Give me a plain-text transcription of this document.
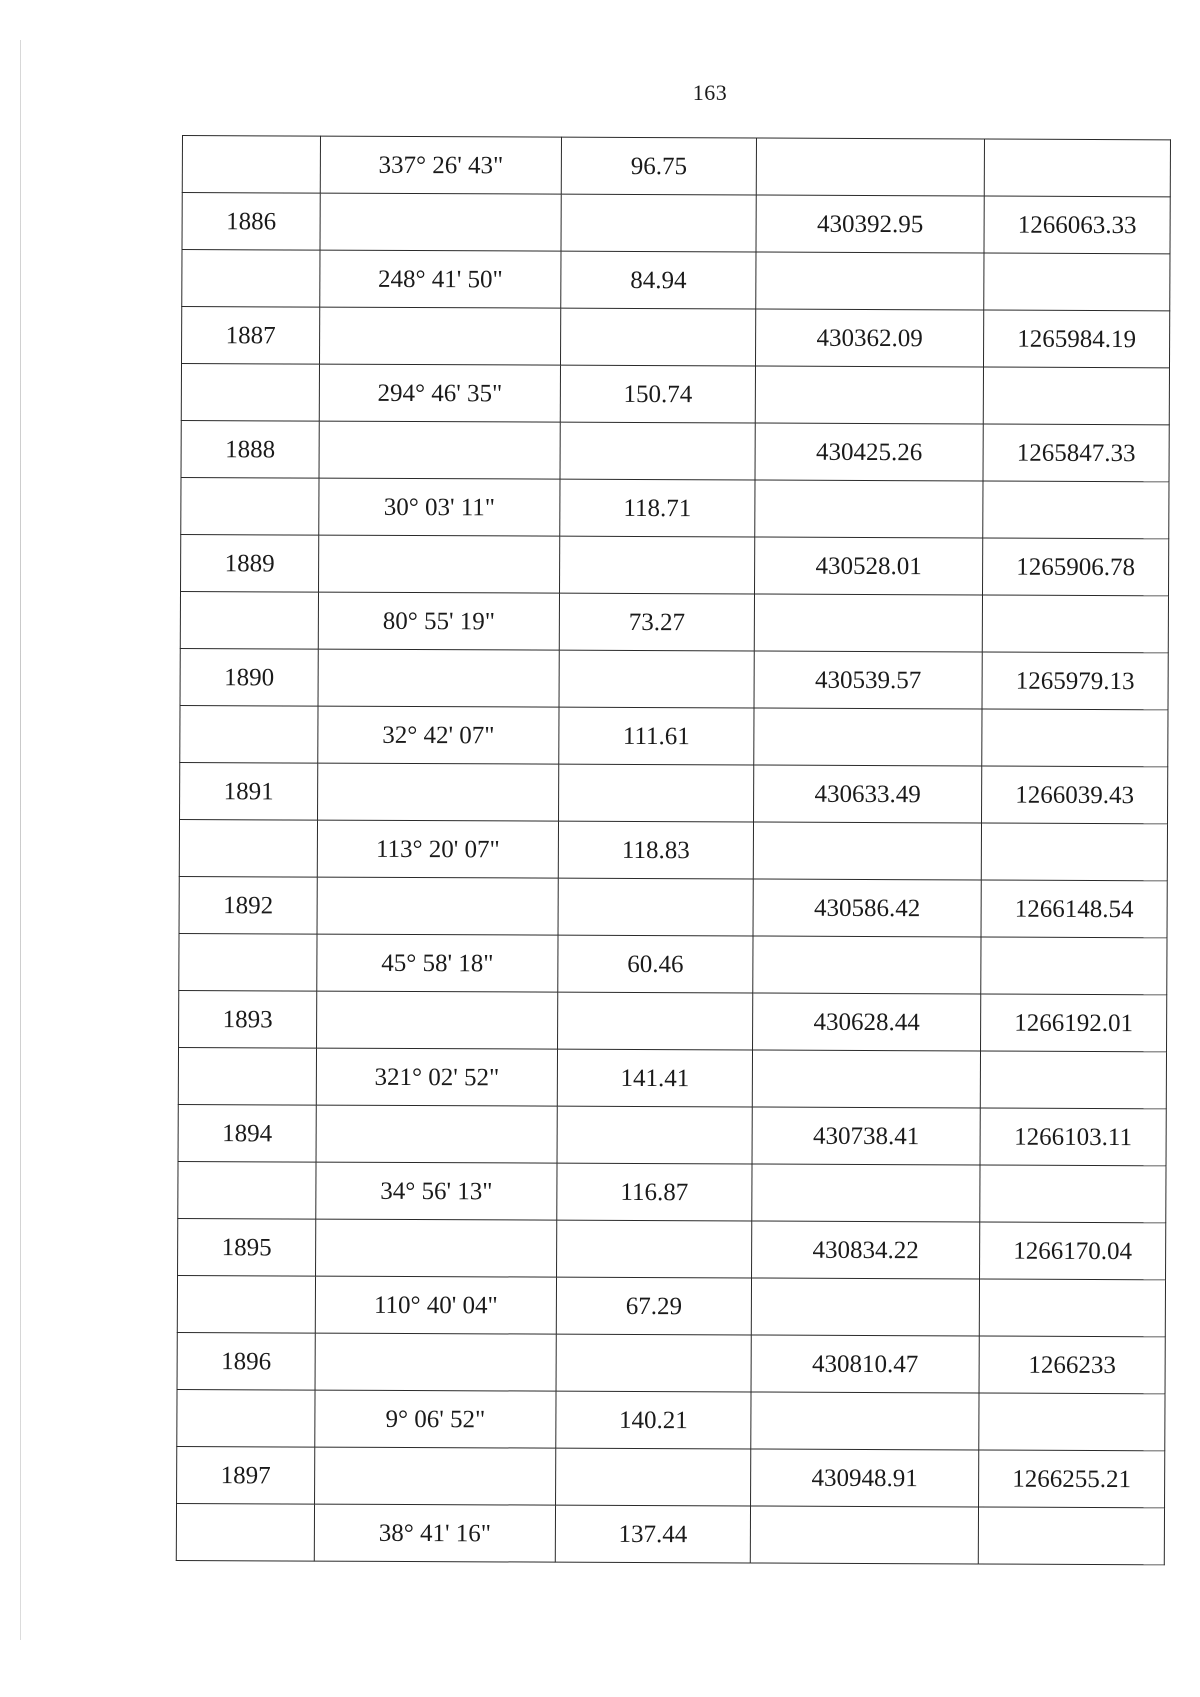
163
	337° 26' 43"	96.75		
1886			430392.95	1266063.33
	248° 41' 50"	84.94		
1887			430362.09	1265984.19
	294° 46' 35"	150.74		
1888			430425.26	1265847.33
	30° 03' 11"	118.71		
1889			430528.01	1265906.78
	80° 55' 19"	73.27		
1890			430539.57	1265979.13
	32° 42' 07"	111.61		
1891			430633.49	1266039.43
	113° 20' 07"	118.83		
1892			430586.42	1266148.54
	45° 58' 18"	60.46		
1893			430628.44	1266192.01
	321° 02' 52"	141.41		
1894			430738.41	1266103.11
	34° 56' 13"	116.87		
1895			430834.22	1266170.04
	110° 40' 04"	67.29		
1896			430810.47	1266233
	9° 06' 52"	140.21		
1897			430948.91	1266255.21
	38° 41' 16"	137.44		
